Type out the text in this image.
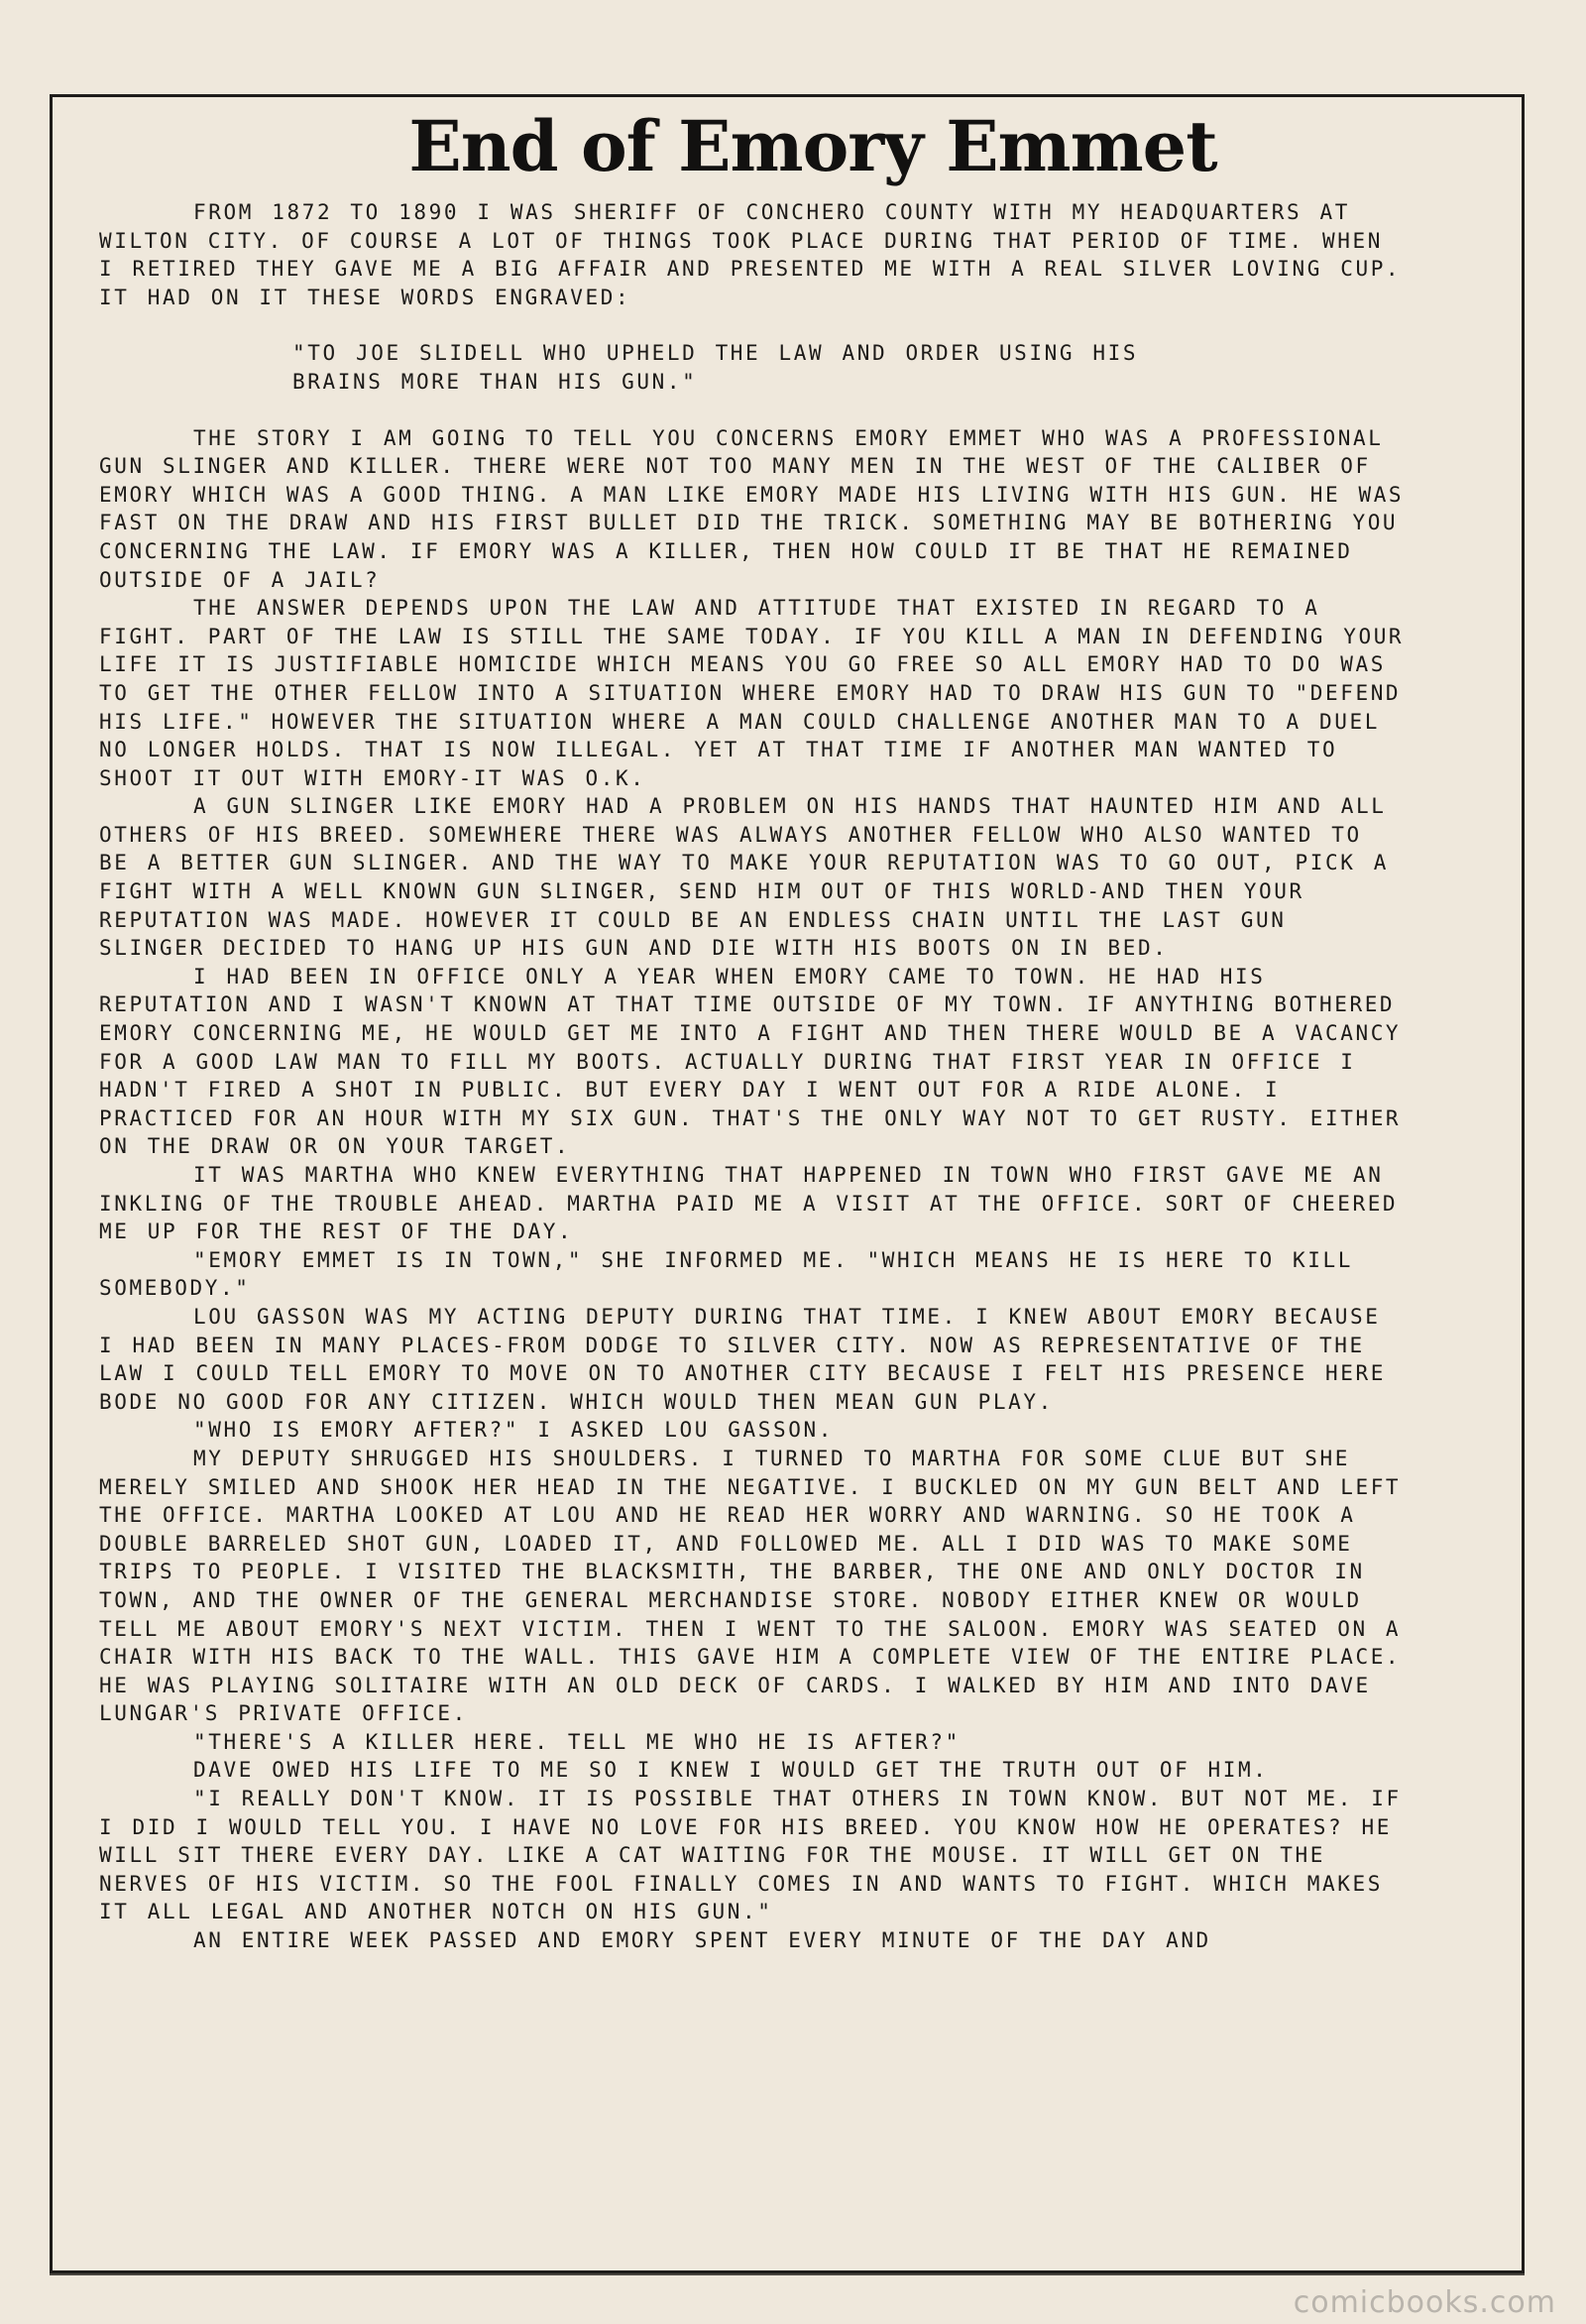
End of Emory Emmet

FROM 1872 TO 1890 I WAS SHERIFF OF CONCHERO COUNTY WITH MY HEADQUARTERS AT WILTON CITY. OF COURSE A LOT OF THINGS TOOK PLACE DURING THAT PERIOD OF TIME. WHEN I RETIRED THEY GAVE ME A BIG AFFAIR AND PRESENTED ME WITH A REAL SILVER LOVING CUP. IT HAD ON IT THESE WORDS ENGRAVED:

"TO JOE SLIDELL WHO UPHELD THE LAW AND ORDER USING HIS BRAINS MORE THAN HIS GUN."

THE STORY I AM GOING TO TELL YOU CONCERNS EMORY EMMET WHO WAS A PROFESSIONAL GUN SLINGER AND KILLER. THERE WERE NOT TOO MANY MEN IN THE WEST OF THE CALIBER OF EMORY WHICH WAS A GOOD THING. A MAN LIKE EMORY MADE HIS LIVING WITH HIS GUN. HE WAS FAST ON THE DRAW AND HIS FIRST BULLET DID THE TRICK. SOMETHING MAY BE BOTHERING YOU CONCERNING THE LAW. IF EMORY WAS A KILLER, THEN HOW COULD IT BE THAT HE REMAINED OUTSIDE OF A JAIL?

THE ANSWER DEPENDS UPON THE LAW AND ATTITUDE THAT EXISTED IN REGARD TO A FIGHT. PART OF THE LAW IS STILL THE SAME TODAY. IF YOU KILL A MAN IN DEFENDING YOUR LIFE IT IS JUSTIFIABLE HOMICIDE WHICH MEANS YOU GO FREE SO ALL EMORY HAD TO DO WAS TO GET THE OTHER FELLOW INTO A SITUATION WHERE EMORY HAD TO DRAW HIS GUN TO "DEFEND HIS LIFE." HOWEVER THE SITUATION WHERE A MAN COULD CHALLENGE ANOTHER MAN TO A DUEL NO LONGER HOLDS. THAT IS NOW ILLEGAL. YET AT THAT TIME IF ANOTHER MAN WANTED TO SHOOT IT OUT WITH EMORY-IT WAS O.K.

A GUN SLINGER LIKE EMORY HAD A PROBLEM ON HIS HANDS THAT HAUNTED HIM AND ALL OTHERS OF HIS BREED. SOMEWHERE THERE WAS ALWAYS ANOTHER FELLOW WHO ALSO WANTED TO BE A BETTER GUN SLINGER. AND THE WAY TO MAKE YOUR REPUTATION WAS TO GO OUT, PICK A FIGHT WITH A WELL KNOWN GUN SLINGER, SEND HIM OUT OF THIS WORLD-AND THEN YOUR REPUTATION WAS MADE. HOWEVER IT COULD BE AN ENDLESS CHAIN UNTIL THE LAST GUN SLINGER DECIDED TO HANG UP HIS GUN AND DIE WITH HIS BOOTS ON IN BED.

I HAD BEEN IN OFFICE ONLY A YEAR WHEN EMORY CAME TO TOWN. HE HAD HIS REPUTATION AND I WASN'T KNOWN AT THAT TIME OUTSIDE OF MY TOWN. IF ANYTHING BOTHERED EMORY CONCERNING ME, HE WOULD GET ME INTO A FIGHT AND THEN THERE WOULD BE A VACANCY FOR A GOOD LAW MAN TO FILL MY BOOTS. ACTUALLY DURING THAT FIRST YEAR IN OFFICE I HADN'T FIRED A SHOT IN PUBLIC. BUT EVERY DAY I WENT OUT FOR A RIDE ALONE. I PRACTICED FOR AN HOUR WITH MY SIX GUN. THAT'S THE ONLY WAY NOT TO GET RUSTY. EITHER ON THE DRAW OR ON YOUR TARGET.

IT WAS MARTHA WHO KNEW EVERYTHING THAT HAPPENED IN TOWN WHO FIRST GAVE ME AN INKLING OF THE TROUBLE AHEAD. MARTHA PAID ME A VISIT AT THE OFFICE. SORT OF CHEERED ME UP FOR THE REST OF THE DAY.

"EMORY EMMET IS IN TOWN," SHE INFORMED ME. "WHICH MEANS HE IS HERE TO KILL SOMEBODY."

LOU GASSON WAS MY ACTING DEPUTY DURING THAT TIME. I KNEW ABOUT EMORY BECAUSE I HAD BEEN IN MANY PLACES-FROM DODGE TO SILVER CITY. NOW AS REPRESENTATIVE OF THE LAW I COULD TELL EMORY TO MOVE ON TO ANOTHER CITY BECAUSE I FELT HIS PRESENCE HERE BODE NO GOOD FOR ANY CITIZEN. WHICH WOULD THEN MEAN GUN PLAY.

"WHO IS EMORY AFTER?" I ASKED LOU GASSON.

MY DEPUTY SHRUGGED HIS SHOULDERS. I TURNED TO MARTHA FOR SOME CLUE BUT SHE MERELY SMILED AND SHOOK HER HEAD IN THE NEGATIVE. I BUCKLED ON MY GUN BELT AND LEFT THE OFFICE. MARTHA LOOKED AT LOU AND HE READ HER WORRY AND WARNING. SO HE TOOK A DOUBLE BARRELED SHOT GUN, LOADED IT, AND FOLLOWED ME. ALL I DID WAS TO MAKE SOME TRIPS TO PEOPLE. I VISITED THE BLACKSMITH, THE BARBER, THE ONE AND ONLY DOCTOR IN TOWN, AND THE OWNER OF THE GENERAL MERCHANDISE STORE. NOBODY EITHER KNEW OR WOULD TELL ME ABOUT EMORY'S NEXT VICTIM. THEN I WENT TO THE SALOON. EMORY WAS SEATED ON A CHAIR WITH HIS BACK TO THE WALL. THIS GAVE HIM A COMPLETE VIEW OF THE ENTIRE PLACE. HE WAS PLAYING SOLITAIRE WITH AN OLD DECK OF CARDS. I WALKED BY HIM AND INTO DAVE LUNGAR'S PRIVATE OFFICE.

"THERE'S A KILLER HERE. TELL ME WHO HE IS AFTER?"

DAVE OWED HIS LIFE TO ME SO I KNEW I WOULD GET THE TRUTH OUT OF HIM.

"I REALLY DON'T KNOW. IT IS POSSIBLE THAT OTHERS IN TOWN KNOW. BUT NOT ME. IF I DID I WOULD TELL YOU. I HAVE NO LOVE FOR HIS BREED. YOU KNOW HOW HE OPERATES? HE WILL SIT THERE EVERY DAY. LIKE A CAT WAITING FOR THE MOUSE. IT WILL GET ON THE NERVES OF HIS VICTIM. SO THE FOOL FINALLY COMES IN AND WANTS TO FIGHT. WHICH MAKES IT ALL LEGAL AND ANOTHER NOTCH ON HIS GUN."

AN ENTIRE WEEK PASSED AND EMORY SPENT EVERY MINUTE OF THE DAY AND

comicbooks.com
